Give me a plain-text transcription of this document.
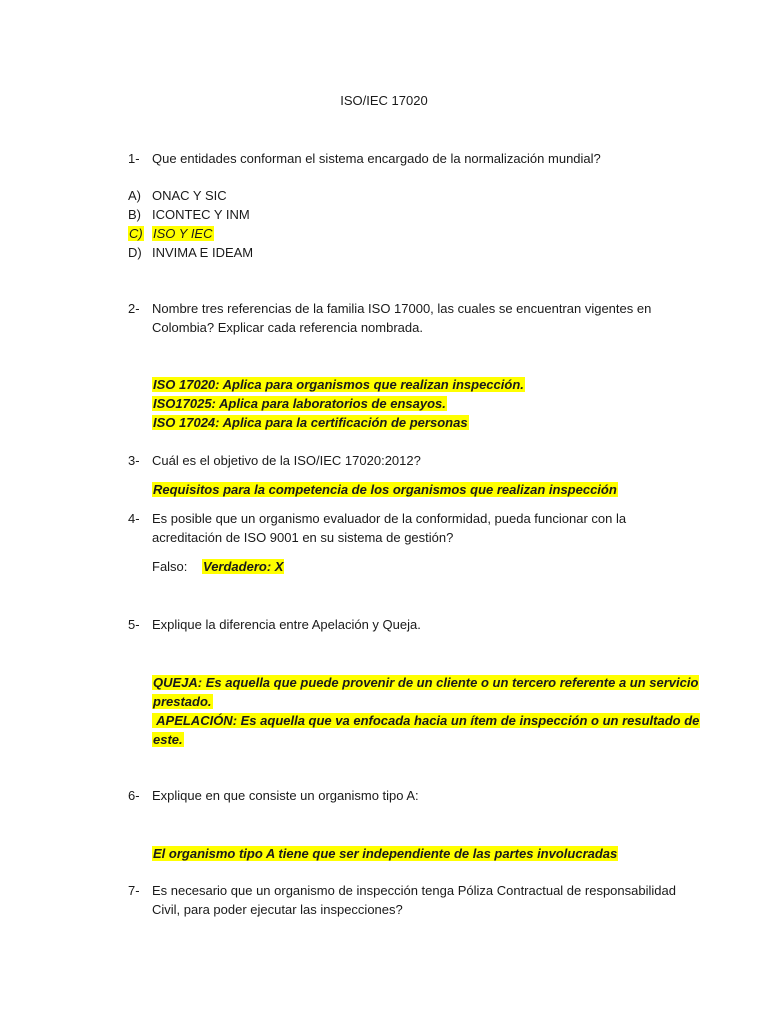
ISO/IEC 17020
1- Que entidades conforman el sistema encargado de la normalización mundial?
A) ONAC Y SIC
B) ICONTEC Y INM
C) ISO Y IEC
D) INVIMA E IDEAM
2- Nombre tres referencias de la familia ISO 17000, las cuales se encuentran vigentes en
Colombia? Explicar cada referencia nombrada.
ISO 17020: Aplica para organismos que realizan inspección.
ISO17025: Aplica para laboratorios de ensayos.
ISO 17024: Aplica para la certificación de personas
3- Cuál es el objetivo de la ISO/IEC 17020:2012?
Requisitos para la competencia de los organismos que realizan inspección
4- Es posible que un organismo evaluador de la conformidad, pueda funcionar con la
acreditación de ISO 9001 en su sistema de gestión?
Falso: Verdadero: X
5- Explique la diferencia entre Apelación y Queja.
QUEJA: Es aquella que puede provenir de un cliente o un tercero referente a un servicio
prestado.
APELACIÓN: Es aquella que va enfocada hacia un ítem de inspección o un resultado de
este.
6- Explique en que consiste un organismo tipo A:
El organismo tipo A tiene que ser independiente de las partes involucradas
7- Es necesario que un organismo de inspección tenga Póliza Contractual de responsabilidad
Civil, para poder ejecutar las inspecciones?
